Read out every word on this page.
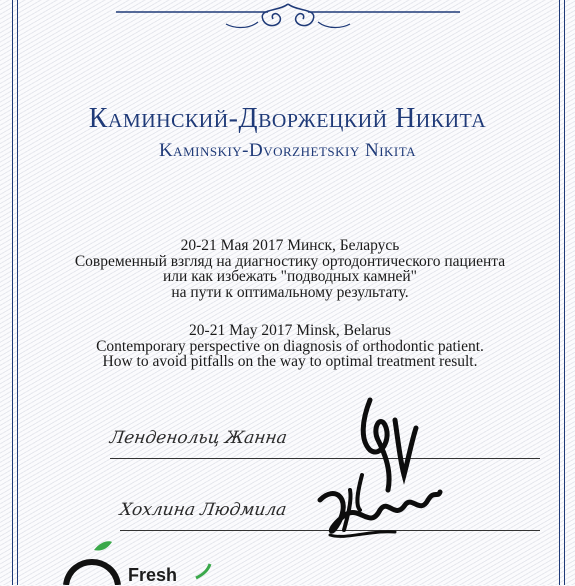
Каминский-Дворжецкий Никита
Kaminskiy-Dvorzhetskiy Nikita
20-21 Мая 2017 Минск, Беларусь
Современный взгляд на диагностику ортодонтического пациента
или как избежать "подводных камней"
на пути к оптимальному результату.
20-21 May 2017 Minsk, Belarus
Contemporary perspective on diagnosis of orthodontic patient.
How to avoid pitfalls on the way to optimal treatment result.
Ленденольц Жанна
Хохлина Людмила
Fresh
